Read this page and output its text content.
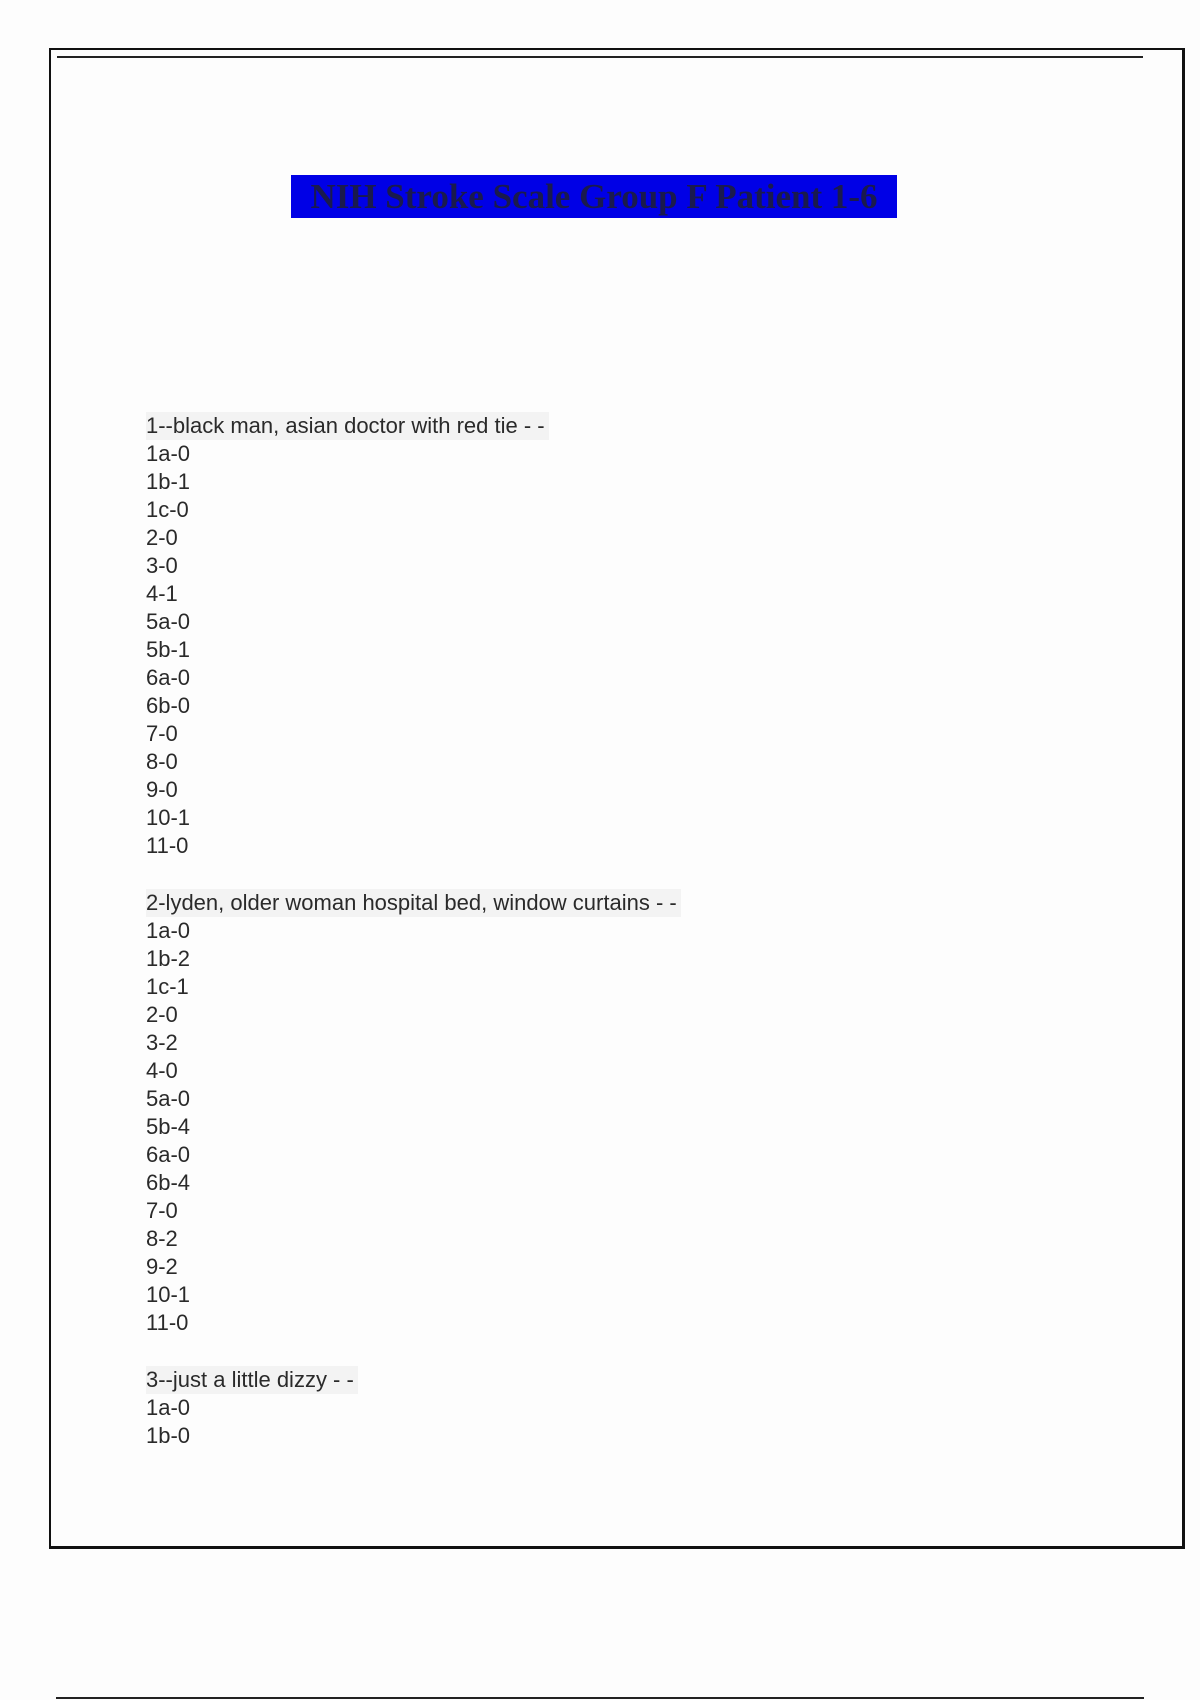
NIH Stroke Scale Group F Patient 1-6
1--black man, asian doctor with red tie - -
1a-0
1b-1
1c-0
2-0
3-0
4-1
5a-0
5b-1
6a-0
6b-0
7-0
8-0
9-0
10-1
11-0
2-lyden, older woman hospital bed, window curtains - -
1a-0
1b-2
1c-1
2-0
3-2
4-0
5a-0
5b-4
6a-0
6b-4
7-0
8-2
9-2
10-1
11-0
3--just a little dizzy - -
1a-0
1b-0
